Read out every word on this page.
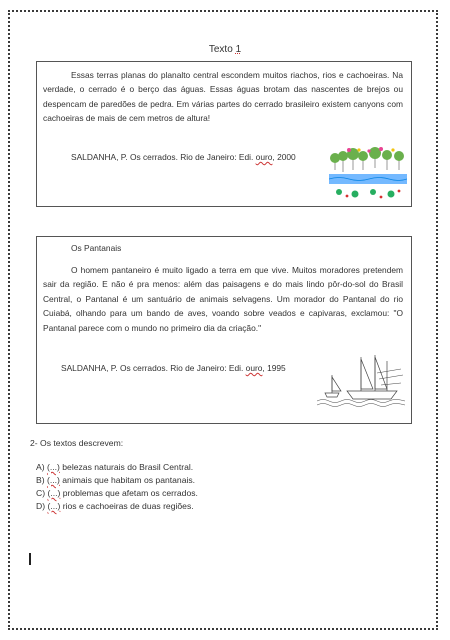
Texto 1
Essas terras planas do planalto central escondem muitos riachos, rios e cachoeiras. Na verdade, o cerrado é o berço das águas. Essas águas brotam das nascentes de brejos ou despencam de paredões de pedra. Em várias partes do cerrado brasileiro existem canyons com cachoeiras de mais de cem metros de altura!
SALDANHA, P. Os cerrados. Rio de Janeiro: Edi. ouro, 2000
Os Pantanais
O homem pantaneiro é muito ligado a terra em que vive. Muitos moradores pretendem sair da região. E não é pra menos: além das paisagens e do mais lindo pôr-do-sol do Brasil Central, o Pantanal é um santuário de animais selvagens. Um morador do Pantanal do rio Cuiabá, olhando para um bando de aves, voando sobre veados e capivaras, exclamou: "O Pantanal parece com o mundo no primeiro dia da criação."
SALDANHA, P. Os cerrados. Rio de Janeiro: Edi. ouro, 1995
2- Os textos descrevem:
A) (...) belezas naturais do Brasil Central.
B) (...) animais que habitam os pantanais.
C) (...) problemas que afetam os cerrados.
D) (...) rios e cachoeiras de duas regiões.
